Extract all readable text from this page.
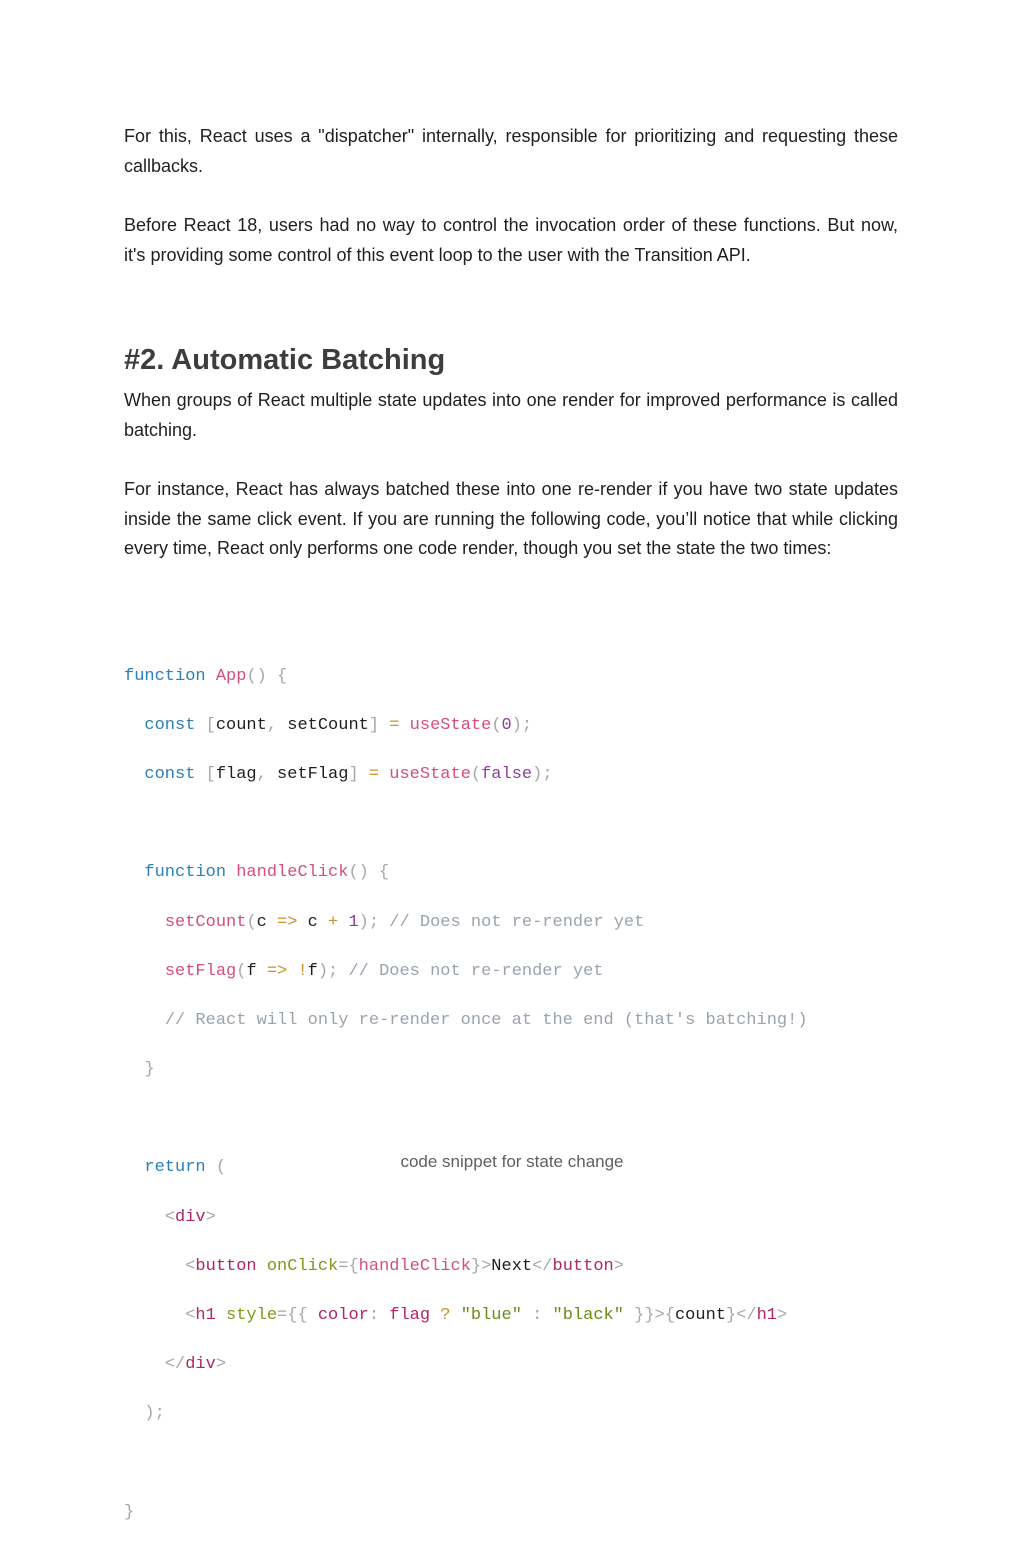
For this, React uses a "dispatcher" internally, responsible for prioritizing and requesting these callbacks.

Before React 18, users had no way to control the invocation order of these functions. But now, it's providing some control of this event loop to the user with the Transition API.

#2. Automatic Batching

When groups of React multiple state updates into one render for improved performance is called batching.

For instance, React has always batched these into one re-render if you have two state updates inside the same click event. If you are running the following code, you’ll notice that while clicking every time, React only performs one code render, though you set the state the two times:

function App() {

const [count, setCount] = useState(0);

const [flag, setFlag] = useState(false);

function handleClick() {

setCount(c => c + 1); // Does not re-render yet

setFlag(f => !f); // Does not re-render yet

// React will only re-render once at the end (that's batching!)

}

return (

<div>

<button onClick={handleClick}>Next</button>

<h1 style={{ color: flag ? "blue" : "black" }}>{count}</h1>

</div>

);

}

code snippet for state change
